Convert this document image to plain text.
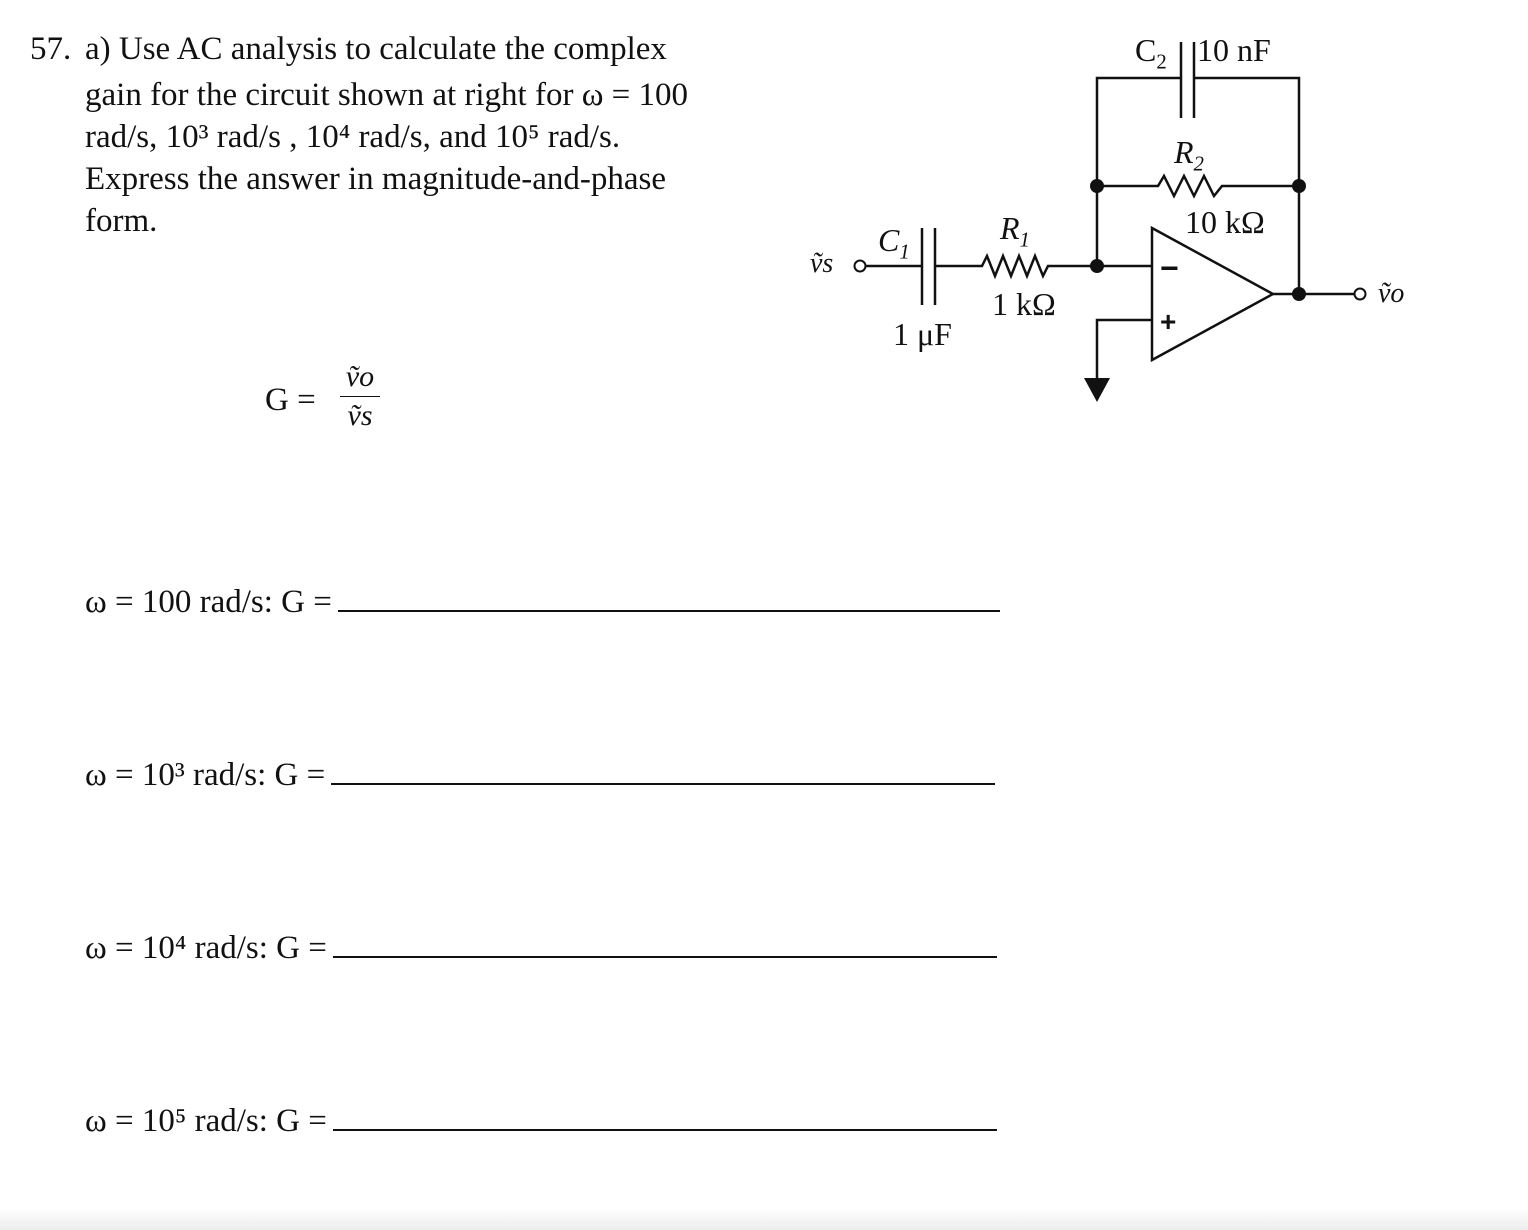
57. a) Use AC analysis to calculate the complex
gain for the circuit shown at right for ω = 100
rad/s, 10³ rad/s , 10⁴ rad/s, and 10⁵ rad/s.
Express the answer in magnitude-and-phase
form.
G =
ṽo
ṽs
$C_2$ 10 nF
$R_2$
10 kΩ
$C_1$
1 μF
$R_1$
1 kΩ
ṽs
ṽo
−
+
ω = 100 rad/s: G =
ω = 10³ rad/s: G =
ω = 10⁴ rad/s: G =
ω = 10⁵ rad/s: G =
